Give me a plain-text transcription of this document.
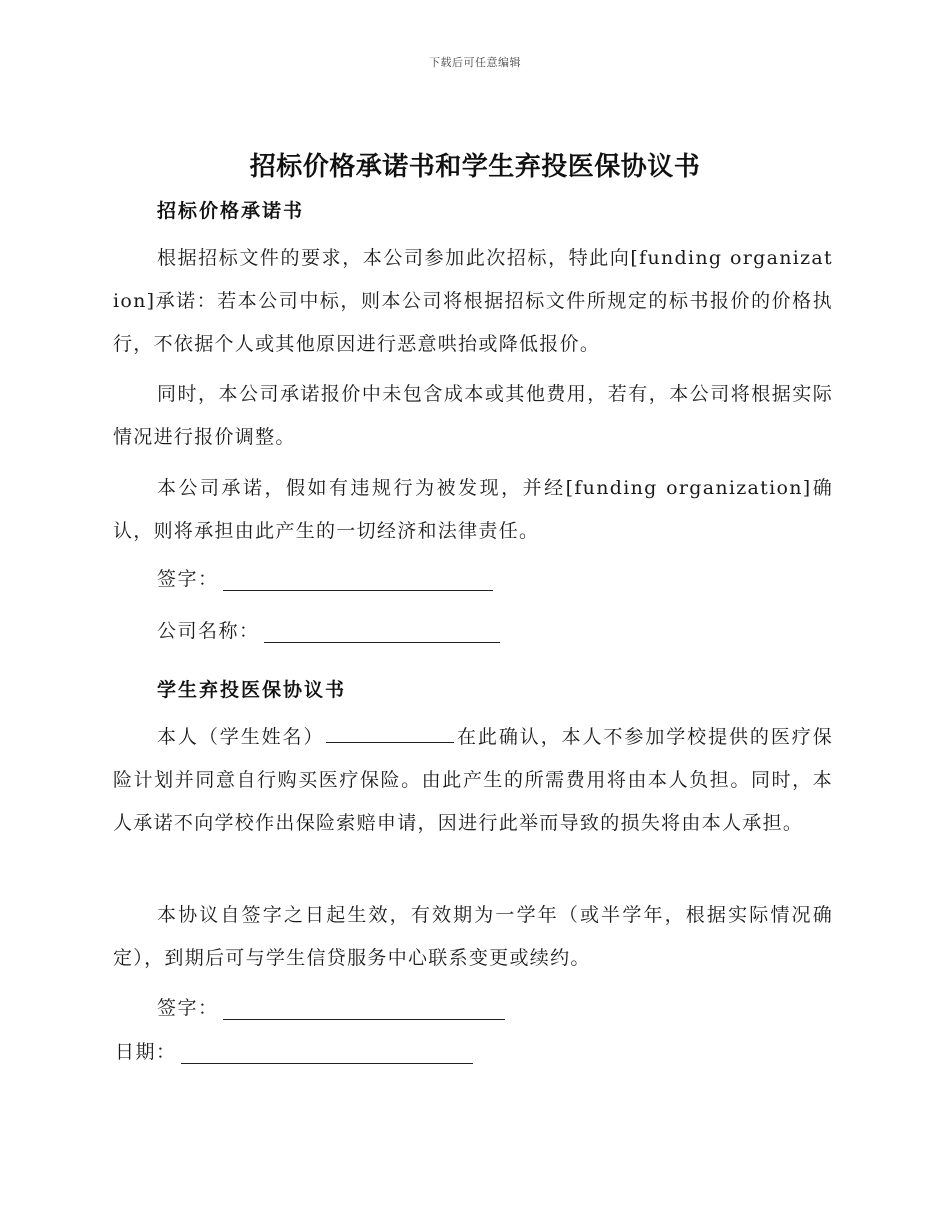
下载后可任意编辑
招标价格承诺书和学生弃投医保协议书
招标价格承诺书
根据招标文件的要求，本公司参加此次招标，特此向[funding organization]承诺：若本公司中标，则本公司将根据招标文件所规定的标书报价的价格执行，不依据个人或其他原因进行恶意哄抬或降低报价。
同时，本公司承诺报价中未包含成本或其他费用，若有，本公司将根据实际情况进行报价调整。
本公司承诺，假如有违规行为被发现，并经[funding organization]确认，则将承担由此产生的一切经济和法律责任。
签字：
公司名称：
学生弃投医保协议书
本人（学生姓名）	在此确认，本人不参加学校提供的医疗保险计划并同意自行购买医疗保险。由此产生的所需费用将由本人负担。同时，本人承诺不向学校作出保险索赔申请，因进行此举而导致的损失将由本人承担。
本协议自签字之日起生效，有效期为一学年（或半学年，根据实际情况确定），到期后可与学生信贷服务中心联系变更或续约。
签字：
日期：
